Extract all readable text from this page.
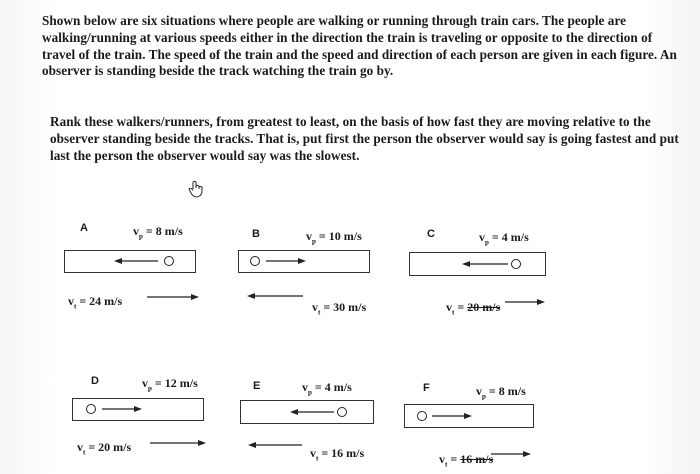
Shown below are six situations where people are walking or running through train cars. The people are walking/running at various speeds either in the direction the train is traveling or opposite to the direction of travel of the train. The speed of the train and the speed and direction of each person are given in each figure. An observer is standing beside the track watching the train go by.
Rank these walkers/runners, from greatest to least, on the basis of how fast they are moving relative to the observer standing beside the tracks. That is, put first the person the observer would say is going fastest and put last the person the observer would say was the slowest.
A	$v_p = 8$ m/s
$v_t = 24$ m/s
B	$v_p = 10$ m/s
$v_t = 30$ m/s
C	$v_p = 4$ m/s
$v_t = 20$ m/s
D	$v_p = 12$ m/s
$v_t = 20$ m/s
E	$v_p = 4$ m/s
$v_t = 16$ m/s
F	$v_p = 8$ m/s
$v_t = 16$ m/s
